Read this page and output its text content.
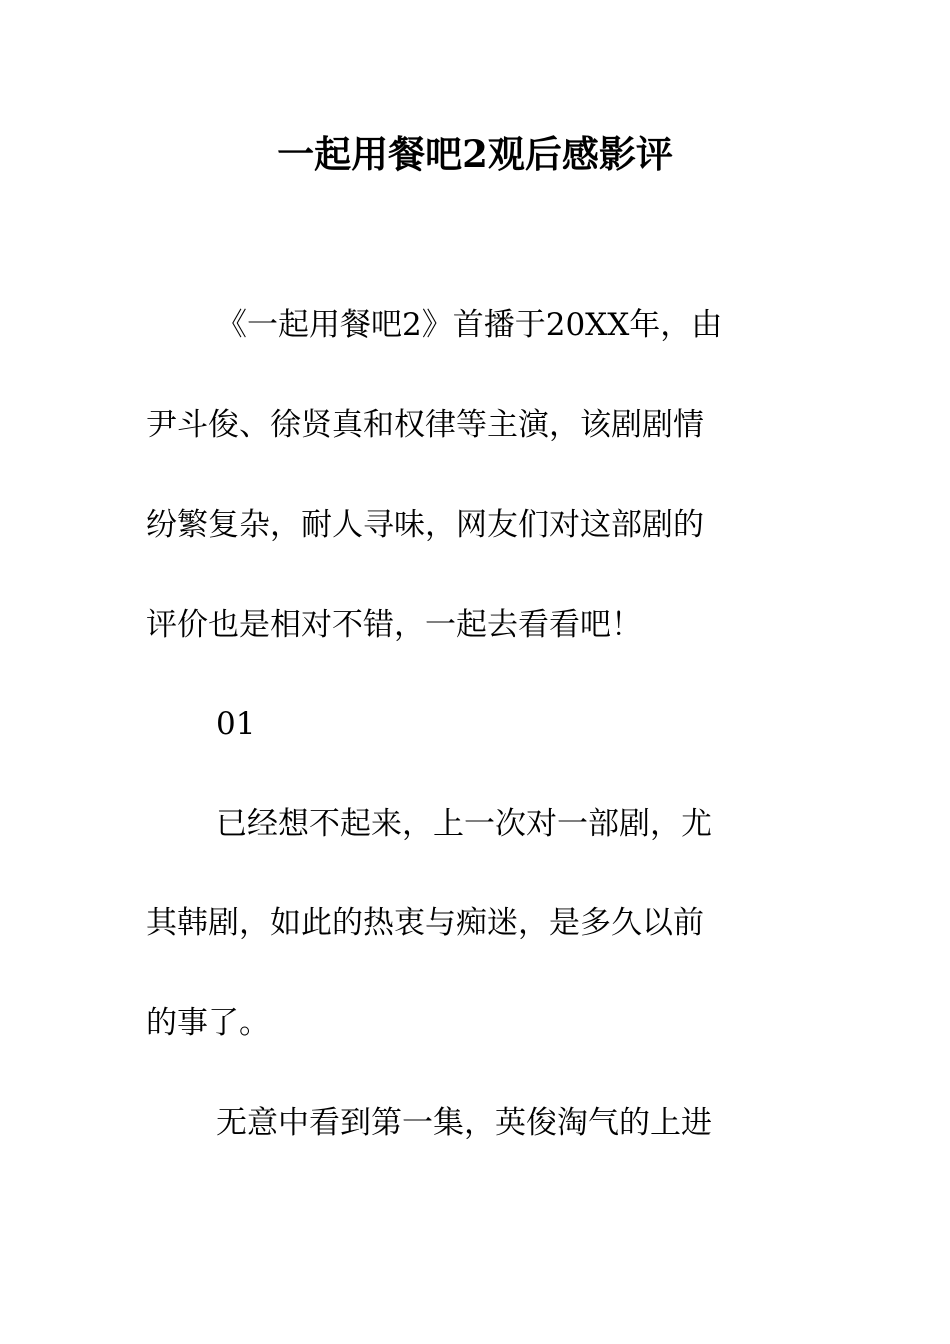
一起用餐吧2观后感影评
《一起用餐吧2》首播于20XX年，由
尹斗俊、徐贤真和权律等主演，该剧剧情
纷繁复杂，耐人寻味，网友们对这部剧的
评价也是相对不错，一起去看看吧！
01
已经想不起来，上一次对一部剧，尤
其韩剧，如此的热衷与痴迷，是多久以前
的事了。
无意中看到第一集，英俊淘气的上进
